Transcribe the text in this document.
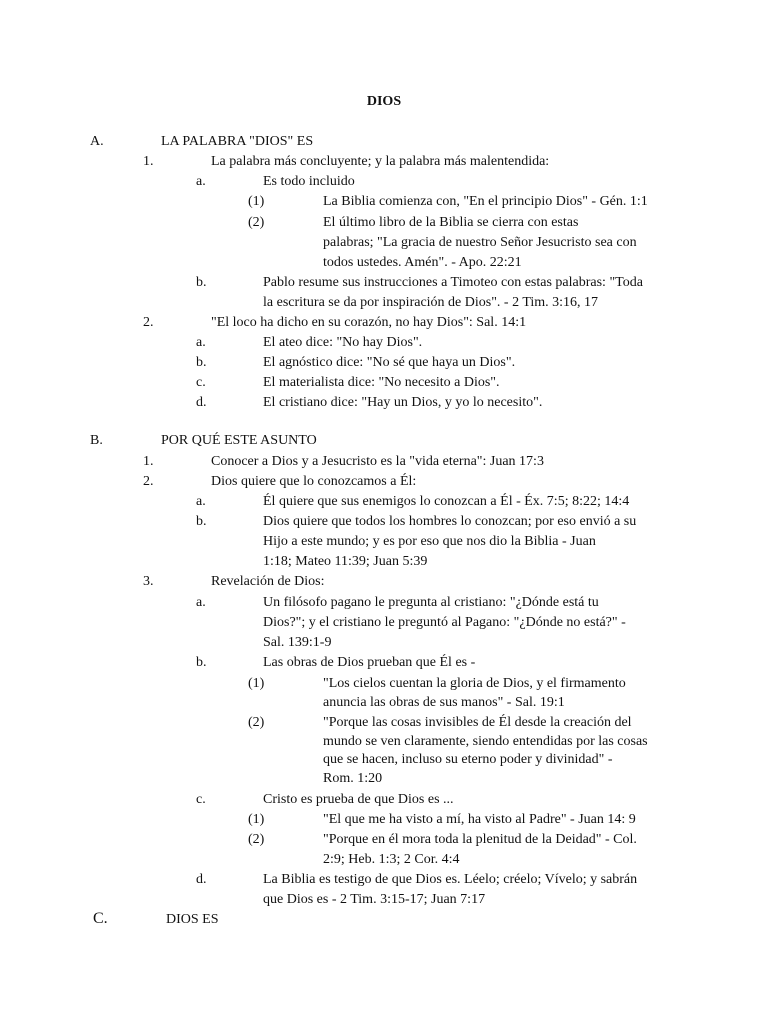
DIOS
A.	LA PALABRA "DIOS" ES
1.	La palabra más concluyente; y la palabra más malentendida:
a.	Es todo incluido
(1)	La Biblia comienza con, "En el principio Dios" - Gén. 1:1
(2)	El último libro de la Biblia se cierra con estas
palabras; "La gracia de nuestro Señor Jesucristo sea con
todos ustedes. Amén". - Apo. 22:21
b.	Pablo resume sus instrucciones a Timoteo con estas palabras: "Toda
la escritura se da por inspiración de Dios". - 2 Tim. 3:16, 17
2.	"El loco ha dicho en su corazón, no hay Dios": Sal. 14:1
a.	El ateo dice: "No hay Dios".
b.	El agnóstico dice: "No sé que haya un Dios".
c.	El materialista dice: "No necesito a Dios".
d.	El cristiano dice: "Hay un Dios, y yo lo necesito".
B.	POR QUÉ ESTE ASUNTO
1.	Conocer a Dios y a Jesucristo es la "vida eterna": Juan 17:3
2.	Dios quiere que lo conozcamos a Él:
a.	Él quiere que sus enemigos lo conozcan a Él - Éx. 7:5; 8:22; 14:4
b.	Dios quiere que todos los hombres lo conozcan; por eso envió a su
Hijo a este mundo; y es por eso que nos dio la Biblia - Juan
1:18; Mateo 11:39; Juan 5:39
3.	Revelación de Dios:
a.	Un filósofo pagano le pregunta al cristiano: "¿Dónde está tu
Dios?"; y el cristiano le preguntó al Pagano: "¿Dónde no está?" -
Sal. 139:1-9
b.	Las obras de Dios prueban que Él es -
(1)	"Los cielos cuentan la gloria de Dios, y el firmamento
anuncia las obras de sus manos" - Sal. 19:1
(2)	"Porque las cosas invisibles de Él desde la creación del
mundo se ven claramente, siendo entendidas por las cosas
que se hacen, incluso su eterno poder y divinidad" -
Rom. 1:20
c.	Cristo es prueba de que Dios es ...
(1)	"El que me ha visto a mí, ha visto al Padre" - Juan 14: 9
(2)	"Porque en él mora toda la plenitud de la Deidad" - Col.
2:9; Heb. 1:3; 2 Cor. 4:4
d.	La Biblia es testigo de que Dios es. Léelo; créelo; Vívelo; y sabrán
que Dios es - 2 Tim. 3:15-17; Juan 7:17
C.	DIOS ES
